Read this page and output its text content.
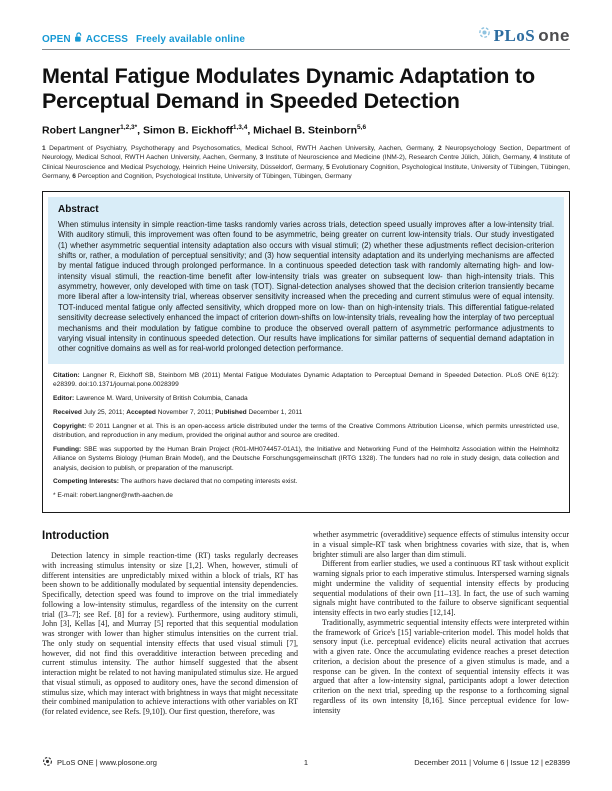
OPEN ACCESS Freely available online	PLoS one
Mental Fatigue Modulates Dynamic Adaptation to Perceptual Demand in Speeded Detection
Robert Langner$^{1,2,3*}$, Simon B. Eickhoff$^{1,3,4}$, Michael B. Steinborn$^{5,6}$

1 Department of Psychiatry, Psychotherapy and Psychosomatics, Medical School, RWTH Aachen University, Aachen, Germany, 2 Neuropsychology Section, Department of Neurology, Medical School, RWTH Aachen University, Aachen, Germany, 3 Institute of Neuroscience and Medicine (INM-2), Research Centre Jülich, Jülich, Germany, 4 Institute of Clinical Neuroscience and Medical Psychology, Heinrich Heine University, Düsseldorf, Germany, 5 Evolutionary Cognition, Psychological Institute, University of Tübingen, Tübingen, Germany, 6 Perception and Cognition, Psychological Institute, University of Tübingen, Tübingen, Germany

Abstract

When stimulus intensity in simple reaction-time tasks randomly varies across trials, detection speed usually improves after a low-intensity trial. With auditory stimuli, this improvement was often found to be asymmetric, being greater on current low-intensity trials. Our study investigated (1) whether asymmetric sequential intensity adaptation also occurs with visual stimuli; (2) whether these adjustments reflect decision-criterion shifts or, rather, a modulation of perceptual sensitivity; and (3) how sequential intensity adaptation and its underlying mechanisms are affected by mental fatigue induced through prolonged performance. In a continuous speeded detection task with randomly alternating high- and low-intensity visual stimuli, the reaction-time benefit after low-intensity trials was greater on subsequent low- than high-intensity trials. This asymmetry, however, only developed with time on task (TOT). Signal-detection analyses showed that the decision criterion transiently became more liberal after a low-intensity trial, whereas observer sensitivity increased when the preceding and current stimulus were of equal intensity. TOT-induced mental fatigue only affected sensitivity, which dropped more on low- than on high-intensity trials. This differential fatigue-related sensitivity decrease selectively enhanced the impact of criterion down-shifts on low-intensity trials, revealing how the interplay of two perceptual mechanisms and their modulation by fatigue combine to produce the observed overall pattern of asymmetric performance adjustments to varying visual intensity in continuous speeded detection. Our results have implications for similar patterns of sequential demand adaptation in other cognitive domains as well as for real-world prolonged detection performance.

Citation: Langner R, Eickhoff SB, Steinborn MB (2011) Mental Fatigue Modulates Dynamic Adaptation to Perceptual Demand in Speeded Detection. PLoS ONE 6(12): e28399. doi:10.1371/journal.pone.0028399

Editor: Lawrence M. Ward, University of British Columbia, Canada

Received July 25, 2011; Accepted November 7, 2011; Published December 1, 2011

Copyright: © 2011 Langner et al. This is an open-access article distributed under the terms of the Creative Commons Attribution License, which permits unrestricted use, distribution, and reproduction in any medium, provided the original author and source are credited.

Funding: SBE was supported by the Human Brain Project (R01-MH074457-01A1), the Initiative and Networking Fund of the Helmholtz Association within the Helmholtz Alliance on Systems Biology (Human Brain Model), and the Deutsche Forschungsgemeinschaft (IRTG 1328). The funders had no role in study design, data collection and analysis, decision to publish, or preparation of the manuscript.

Competing Interests: The authors have declared that no competing interests exist.

* E-mail: robert.langner@rwth-aachen.de

Introduction

Detection latency in simple reaction-time (RT) tasks regularly decreases with increasing stimulus intensity or size [1,2]. When, however, stimuli of different intensities are unpredictably mixed within a block of trials, RT has been shown to be additionally modulated by sequential intensity dependencies. Specifically, detection speed was found to improve on the trial immediately following a low-intensity stimulus, regardless of the intensity on the current trial ([3–7]; see Ref. [8] for a review). Furthermore, using auditory stimuli, John [3], Kellas [4], and Murray [5] reported that this sequential modulation was stronger with lower than higher stimulus intensities on the current trial. The only study on sequential intensity effects that used visual stimuli [7], however, did not find this overadditive interaction between preceding and current stimulus intensity. The author himself suggested that the absent interaction might be related to not having manipulated stimulus size. He argued that visual stimuli, as opposed to auditory ones, have the second dimension of stimulus size, which may interact with brightness in ways that might necessitate their combined manipulation to achieve interactions with other variables on RT (for related evidence, see Refs. [9,10]). Our first question, therefore, was

whether asymmetric (overadditive) sequence effects of stimulus intensity occur in a visual simple-RT task when brightness covaries with size, that is, when brighter stimuli are also larger than dim stimuli.

Different from earlier studies, we used a continuous RT task without explicit warning signals prior to each imperative stimulus. Interspersed warning signals might undermine the validity of sequential intensity effects by producing sequential modulations of their own [11–13]. In fact, the use of such warning signals might have contributed to the failure to observe significant sequential intensity effects in two early studies [12,14].

Traditionally, asymmetric sequential intensity effects were interpreted within the framework of Grice's [15] variable-criterion model. This model holds that sensory input (i.e. perceptual evidence) elicits neural activation that accrues with a given rate. Once the accumulating evidence reaches a preset detection criterion, a decision about the presence of a given stimulus is made, and a response can be given. In the context of sequential intensity effects it was argued that after a low-intensity signal, participants adopt a lower detection criterion on the next trial, speeding up the response to a forthcoming signal regardless of its own intensity [8,16]. Since perceptual evidence for low-intensity

PLoS ONE | www.plosone.org	1	December 2011 | Volume 6 | Issue 12 | e28399
